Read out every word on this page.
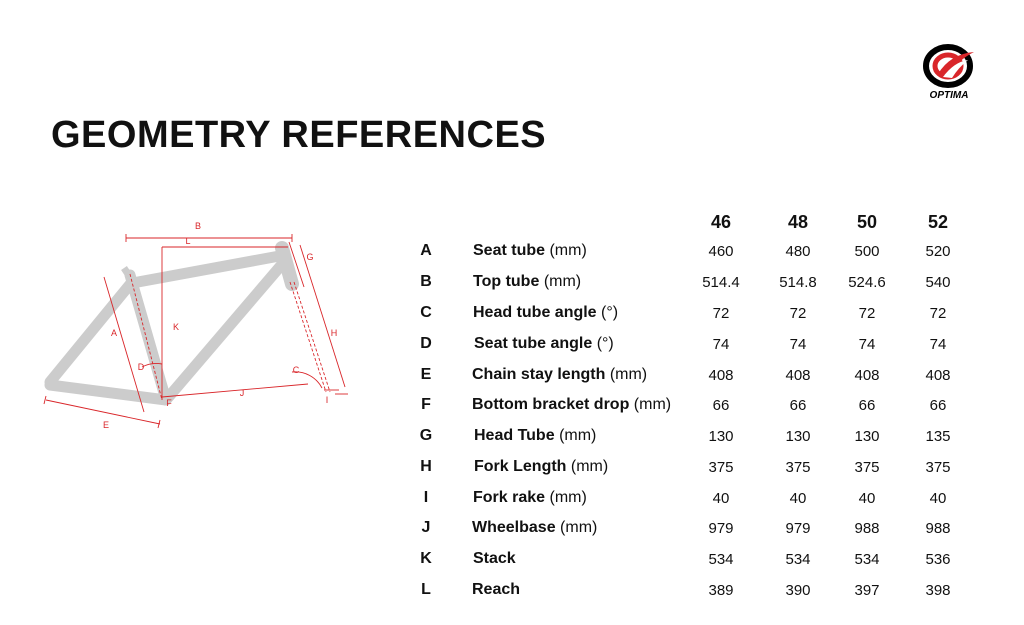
OPTIMA
GEOMETRY REFERENCES
B
L
G
A
K
H
D	C
J
I
F
E
46	48	50	52
A	Seat tube (mm)	460	480	500	520
B	Top tube (mm)	514.4	514.8	524.6	540
C	Head tube angle (°)	72	72	72	72
D	Seat tube angle (°)	74	74	74	74
E	Chain stay length (mm)	408	408	408	408
F	Bottom bracket drop (mm)	66	66	66	66
G	Head Tube (mm)	130	130	130	135
H	Fork Length (mm)	375	375	375	375
I	Fork rake (mm)	40	40	40	40
J	Wheelbase (mm)	979	979	988	988
K	Stack	534	534	534	536
L	Reach	389	390	397	398
